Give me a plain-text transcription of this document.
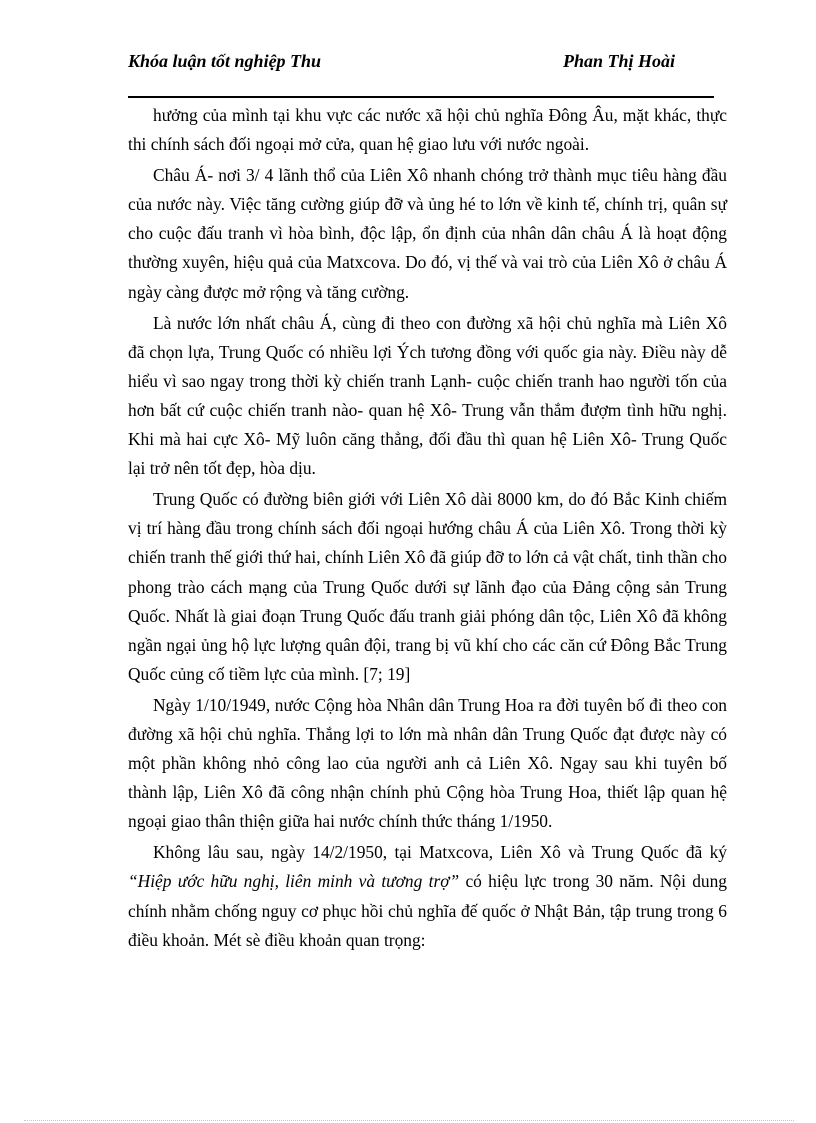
Khóa luận tốt nghiệp Thu	Phan Thị Hoài

hưởng của mình tại khu vực các nước xã hội chủ nghĩa Đông Âu, mặt khác, thực thi chính sách đối ngoại mở cửa, quan hệ giao lưu với nước ngoài.

Châu Á- nơi 3/ 4 lãnh thổ của Liên Xô nhanh chóng trở thành mục tiêu hàng đầu của nước này. Việc tăng cường giúp đỡ và ủng hé to lớn về kinh tế, chính trị, quân sự cho cuộc đấu tranh vì hòa bình, độc lập, ổn định của nhân dân châu Á là hoạt động thường xuyên, hiệu quả của Matxcova. Do đó, vị thế và vai trò của Liên Xô ở châu Á ngày càng được mở rộng và tăng cường.

Là nước lớn nhất châu Á, cùng đi theo con đường xã hội chủ nghĩa mà Liên Xô đã chọn lựa, Trung Quốc có nhiều lợi Ých tương đồng với quốc gia này. Điều này dễ hiểu vì sao ngay trong thời kỳ chiến tranh Lạnh- cuộc chiến tranh hao người tốn của hơn bất cứ cuộc chiến tranh nào- quan hệ Xô- Trung vẫn thắm đượm tình hữu nghị. Khi mà hai cực Xô- Mỹ luôn căng thẳng, đối đầu thì quan hệ Liên Xô- Trung Quốc lại trở nên tốt đẹp, hòa dịu.

Trung Quốc có đường biên giới với Liên Xô dài 8000 km, do đó Bắc Kinh chiếm vị trí hàng đầu trong chính sách đối ngoại hướng châu Á của Liên Xô. Trong thời kỳ chiến tranh thế giới thứ hai, chính Liên Xô đã giúp đỡ to lớn cả vật chất, tinh thần cho phong trào cách mạng của Trung Quốc dưới sự lãnh đạo của Đảng cộng sản Trung Quốc. Nhất là giai đoạn Trung Quốc đấu tranh giải phóng dân tộc, Liên Xô đã không ngần ngại ủng hộ lực lượng quân đội, trang bị vũ khí cho các căn cứ Đông Bắc Trung Quốc củng cố tiềm lực của mình. [7; 19]

Ngày 1/10/1949, nước Cộng hòa Nhân dân Trung Hoa ra đời tuyên bố đi theo con đường xã hội chủ nghĩa. Thắng lợi to lớn mà nhân dân Trung Quốc đạt được này có một phần không nhỏ công lao của người anh cả Liên Xô. Ngay sau khi tuyên bố thành lập, Liên Xô đã công nhận chính phủ Cộng hòa Trung Hoa, thiết lập quan hệ ngoại giao thân thiện giữa hai nước chính thức tháng 1/1950.

Không lâu sau, ngày 14/2/1950, tại Matxcova, Liên Xô và Trung Quốc đã ký “Hiệp ước hữu nghị, liên minh và tương trợ” có hiệu lực trong 30 năm. Nội dung chính nhằm chống nguy cơ phục hồi chủ nghĩa đế quốc ở Nhật Bản, tập trung trong 6 điều khoản. Mét sè điều khoản quan trọng:
